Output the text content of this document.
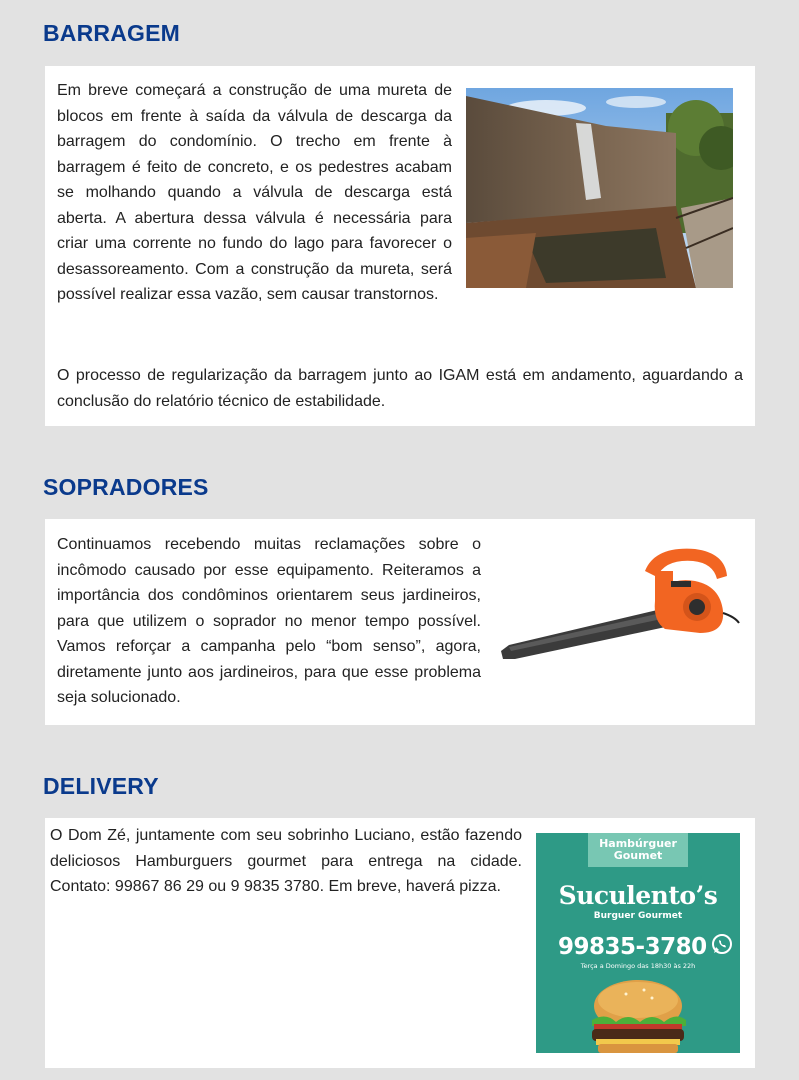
BARRAGEM

Em breve começará a construção de uma mureta de blocos em frente à saída da válvula de descarga da barragem do condomínio. O trecho em frente à barragem é feito de concreto, e os pedestres acabam se molhando quando a válvula de descarga está aberta. A abertura dessa válvula é necessária para criar uma corrente no fundo do lago para favorecer o desassoreamento. Com a construção da mureta, será possível realizar essa vazão, sem causar transtornos.

O processo de regularização da barragem junto ao IGAM está em andamento, aguardando a conclusão do relatório técnico de estabilidade.

SOPRADORES

Continuamos recebendo muitas reclamações sobre o incômodo causado por esse equipamento. Reiteramos a importância dos condôminos orientarem seus jardineiros, para que utilizem o soprador no menor tempo possível. Vamos reforçar a campanha pelo “bom senso”, agora, diretamente junto aos jardineiros, para que esse problema seja solucionado.

DELIVERY

O Dom Zé, juntamente com seu sobrinho Luciano, estão fazendo deliciosos Hamburguers gourmet para entrega na cidade. Contato: 99867 86 29 ou 9 9835 3780. Em breve, haverá pizza.

Hambúrguer
Goumet
Suculento’s
Burguer Gourmet
99835-3780
Terça a Domingo das 18h30 às 22h
